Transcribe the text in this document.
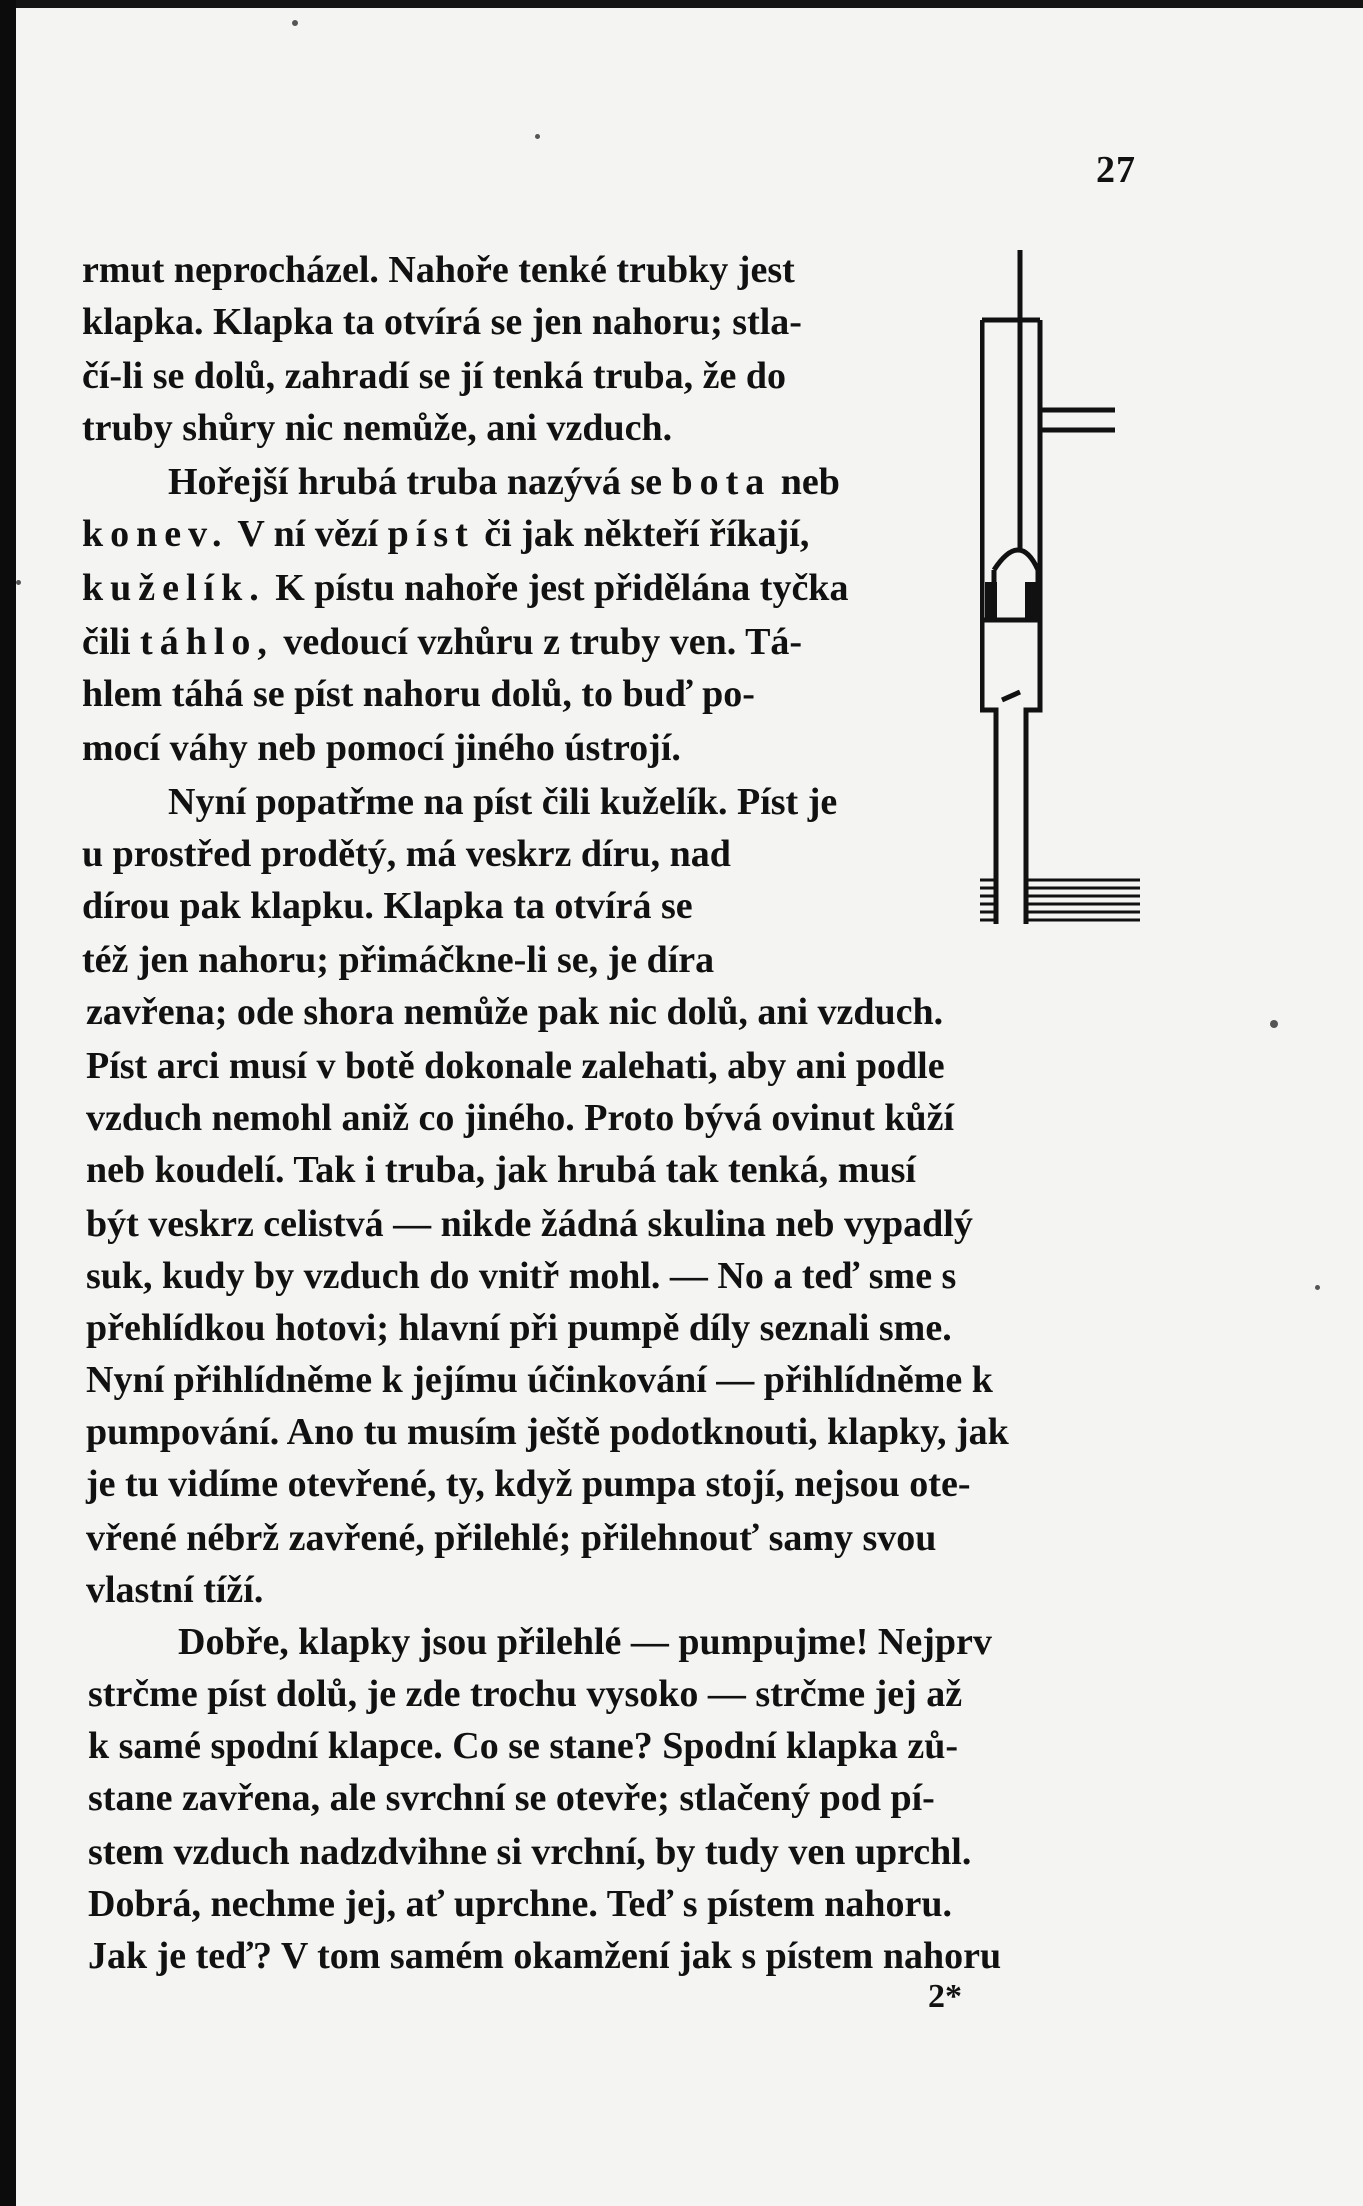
27
rmut neprocházel. Nahoře tenké trubky jest
klapka. Klapka ta otvírá se jen nahoru; stla-
čí-li se dolů, zahradí se jí tenká truba, že do
truby shůry nic nemůže, ani vzduch.
Hořejší hrubá truba nazývá se bota neb
konev. V ní vězí píst či jak někteří říkají,
kuželík. K pístu nahoře jest přidělána tyčka
čili táhlo, vedoucí vzhůru z truby ven. Tá-
hlem táhá se píst nahoru dolů, to buď po-
mocí váhy neb pomocí jiného ústrojí.
Nyní popatřme na píst čili kuželík. Píst je
u prostřed prodětý, má veskrz díru, nad
dírou pak klapku. Klapka ta otvírá se
též jen nahoru; přimáčkne-li se, je díra
zavřena; ode shora nemůže pak nic dolů, ani vzduch.
Píst arci musí v botě dokonale zalehati, aby ani podle
vzduch nemohl aniž co jiného. Proto bývá ovinut kůží
neb koudelí. Tak i truba, jak hrubá tak tenká, musí
být veskrz celistvá — nikde žádná skulina neb vypadlý
suk, kudy by vzduch do vnitř mohl. — No a teď sme s
přehlídkou hotovi; hlavní při pumpě díly seznali sme.
Nyní přihlídněme k jejímu účinkování — přihlídněme k
pumpování. Ano tu musím ještě podotknouti, klapky, jak
je tu vidíme otevřené, ty, když pumpa stojí, nejsou ote-
vřené nébrž zavřené, přilehlé; přilehnouť samy svou
vlastní tíží.
Dobře, klapky jsou přilehlé — pumpujme! Nejprv
strčme píst dolů, je zde trochu vysoko — strčme jej až
k samé spodní klapce. Co se stane? Spodní klapka zů-
stane zavřena, ale svrchní se otevře; stlačený pod pí-
stem vzduch nadzdvihne si vrchní, by tudy ven uprchl.
Dobrá, nechme jej, ať uprchne. Teď s pístem nahoru.
Jak je teď? V tom samém okamžení jak s pístem nahoru
2*
